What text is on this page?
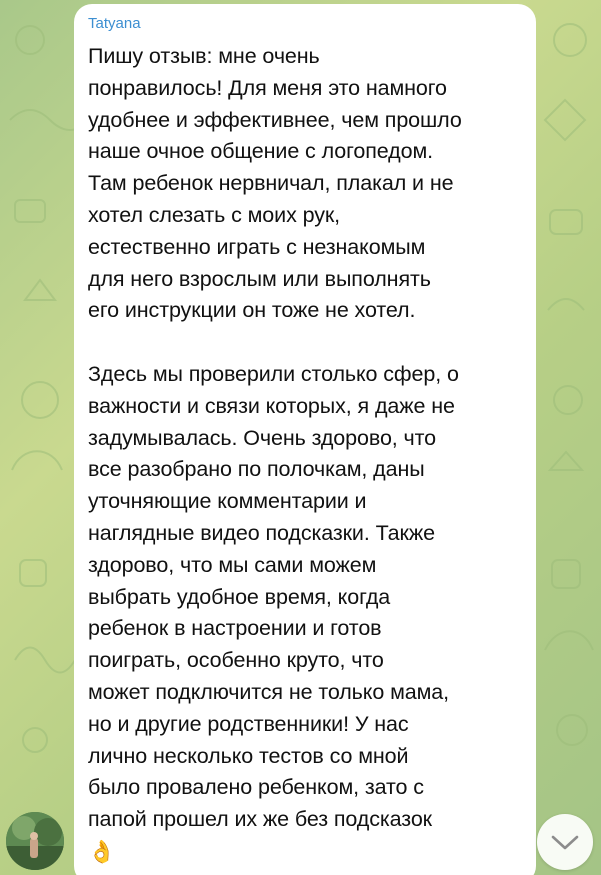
Tatyana
Пишу отзыв: мне очень
понравилось! Для меня это намного
удобнее и эффективнее, чем прошло
наше очное общение с логопедом.
Там ребенок нервничал, плакал и не
хотел слезать с моих рук,
естественно играть с незнакомым
для него взрослым или выполнять
его инструкции он тоже не хотел.
Здесь мы проверили столько сфер, о
важности и связи которых, я даже не
задумывалась. Очень здорово, что
все разобрано по полочкам, даны
уточняющие комментарии и
наглядные видео подсказки. Также
здорово, что мы сами можем
выбрать удобное время, когда
ребенок в настроении и готов
поиграть, особенно круто, что
может подключится не только мама,
но и другие родственники! У нас
лично несколько тестов со мной
было провалено ребенком, зато с
папой прошел их же без подсказок
👌
